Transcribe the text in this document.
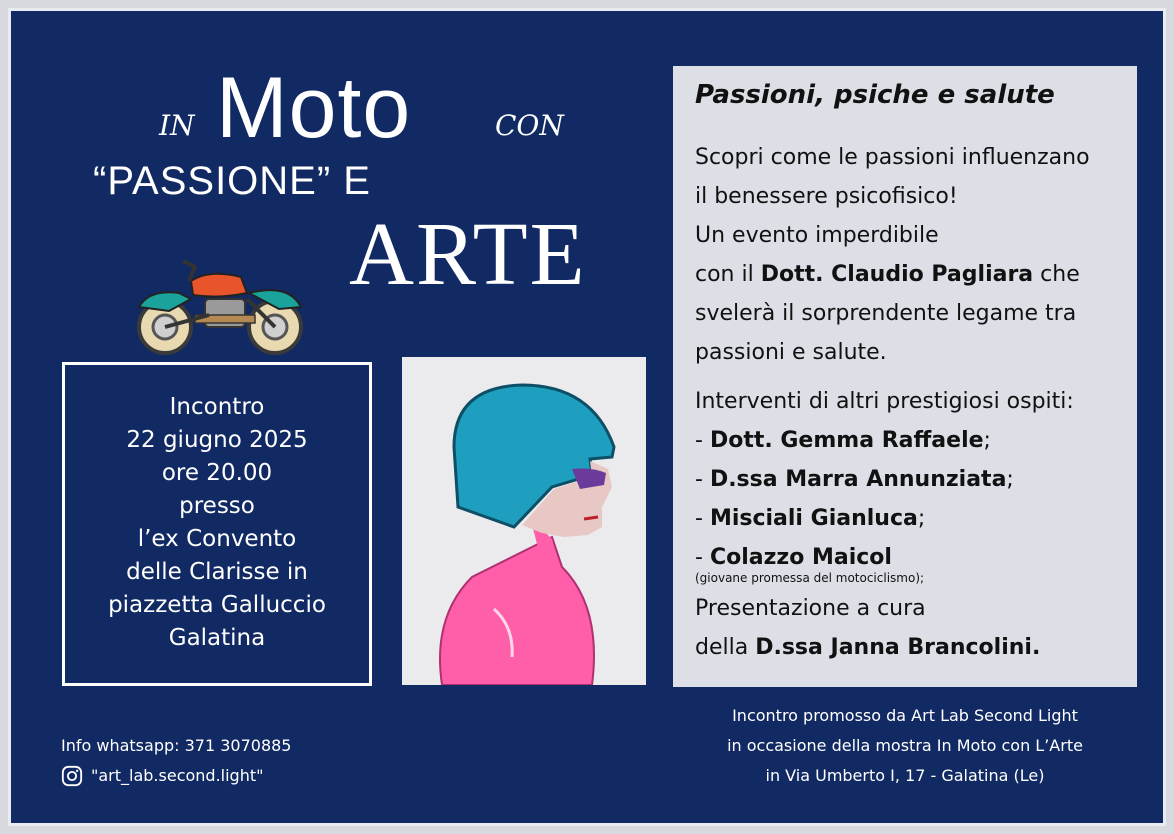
IN Moto	CON
“PASSIONE” E
ARTE
Incontro
22 giugno 2025
ore 20.00
presso
l’ex Convento
delle Clarisse in
piazzetta Galluccio
Galatina
Passioni, psiche e salute
Scopri come le passioni influenzano
il benessere psicofisico!
Un evento imperdibile
con il Dott. Claudio Pagliara che
svelerà il sorprendente legame tra
passioni e salute.
Interventi di altri prestigiosi ospiti:
- Dott. Gemma Raffaele;
- D.ssa Marra Annunziata;
- Misciali Gianluca;
- Colazzo Maicol
(giovane promessa del motociclismo);
Presentazione a cura
della D.ssa Janna Brancolini.
Info whatsapp: 371 3070885
"art_lab.second.light"
Incontro promosso da Art Lab Second Light
in occasione della mostra In Moto con L’Arte
in Via Umberto I, 17 - Galatina (Le)
